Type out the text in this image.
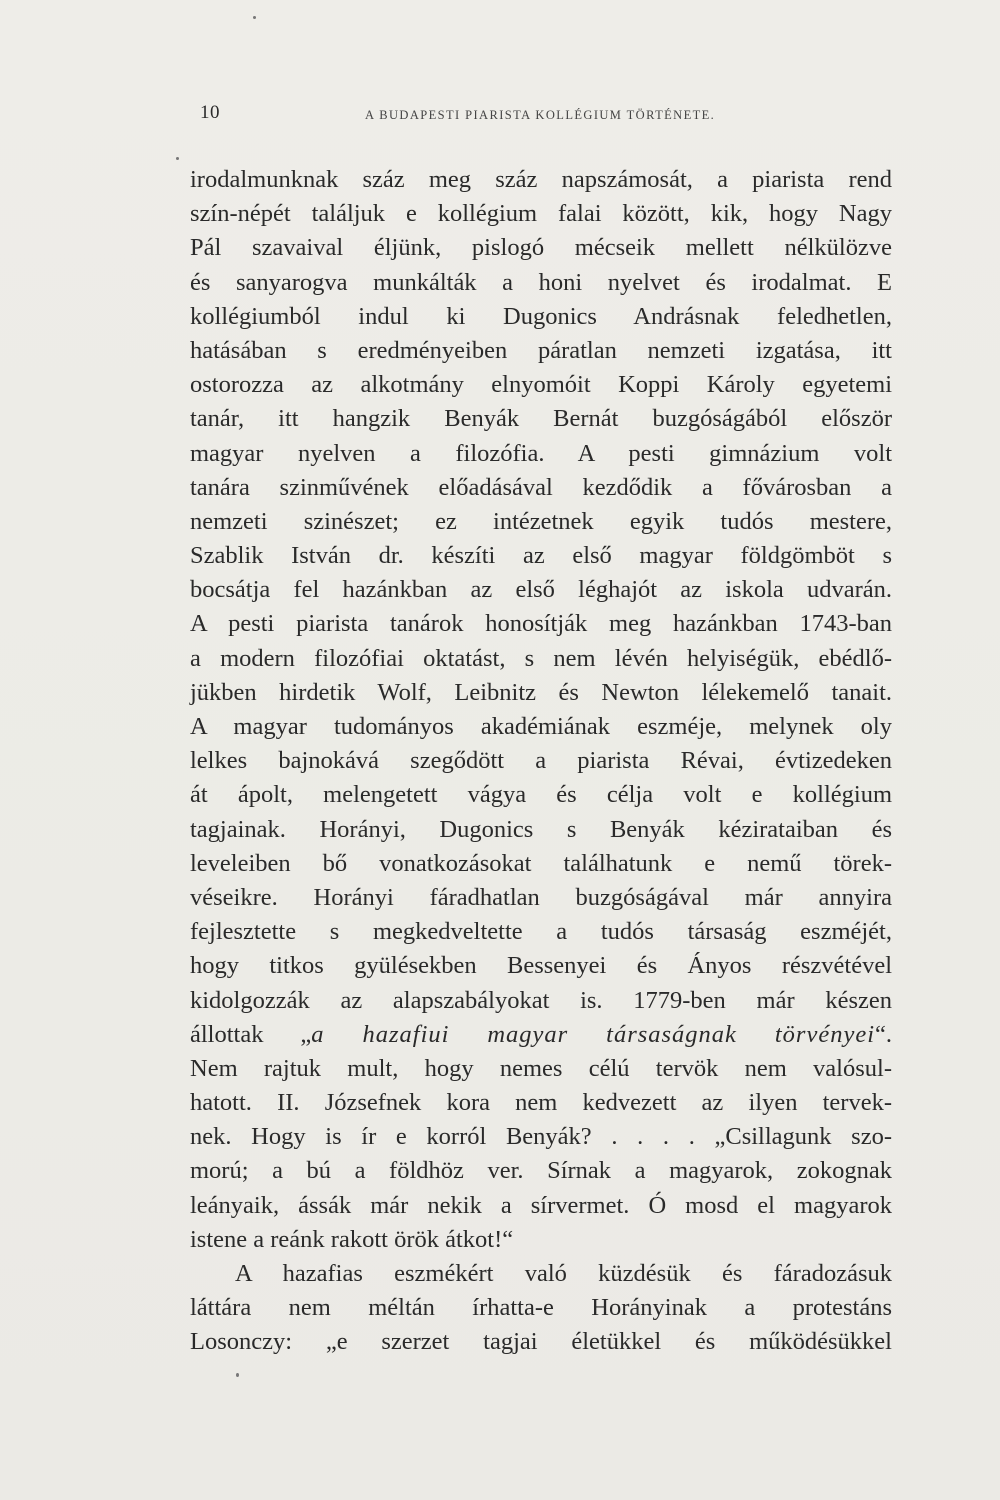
10	A BUDAPESTI PIARISTA KOLLÉGIUM TÖRTÉNETE.
irodalmunknak száz meg száz napszámosát, a piarista rend
szín-népét találjuk e kollégium falai között, kik, hogy Nagy
Pál szavaival éljünk, pislogó mécseik mellett nélkülözve
és sanyarogva munkálták a honi nyelvet és irodalmat. E
kollégiumból indul ki Dugonics Andrásnak feledhetlen,
hatásában s eredményeiben páratlan nemzeti izgatása, itt
ostorozza az alkotmány elnyomóit Koppi Károly egyetemi
tanár, itt hangzik Benyák Bernát buzgóságából először
magyar nyelven a filozófia. A pesti gimnázium volt
tanára szinművének előadásával kezdődik a fővárosban a
nemzeti szinészet; ez intézetnek egyik tudós mestere,
Szablik István dr. készíti az első magyar földgömböt s
bocsátja fel hazánkban az első léghajót az iskola udvarán.
A pesti piarista tanárok honosítják meg hazánkban 1743-ban
a modern filozófiai oktatást, s nem lévén helyiségük, ebédlő-
jükben hirdetik Wolf, Leibnitz és Newton lélekemelő tanait.
A magyar tudományos akadémiának eszméje, melynek oly
lelkes bajnokává szegődött a piarista Révai, évtizedeken
át ápolt, melengetett vágya és célja volt e kollégium
tagjainak. Horányi, Dugonics s Benyák kézirataiban és
leveleiben bő vonatkozásokat találhatunk e nemű törek-
véseikre. Horányi fáradhatlan buzgóságával már annyira
fejlesztette s megkedveltette a tudós társaság eszméjét,
hogy titkos gyülésekben Bessenyei és Ányos részvétével
kidolgozzák az alapszabályokat is. 1779-ben már készen
állottak „a hazafiui magyar társaságnak törvényei“.
Nem rajtuk mult, hogy nemes célú tervök nem valósul-
hatott. II. Józsefnek kora nem kedvezett az ilyen tervek-
nek. Hogy is ír e korról Benyák? . . . . „Csillagunk szo-
morú; a bú a földhöz ver. Sírnak a magyarok, zokognak
leányaik, ássák már nekik a sírvermet. Ó mosd el magyarok
istene a reánk rakott örök átkot!“
A hazafias eszmékért való küzdésük és fáradozásuk
láttára nem méltán írhatta-e Horányinak a protestáns
Losonczy: „e szerzet tagjai életükkel és működésükkel
